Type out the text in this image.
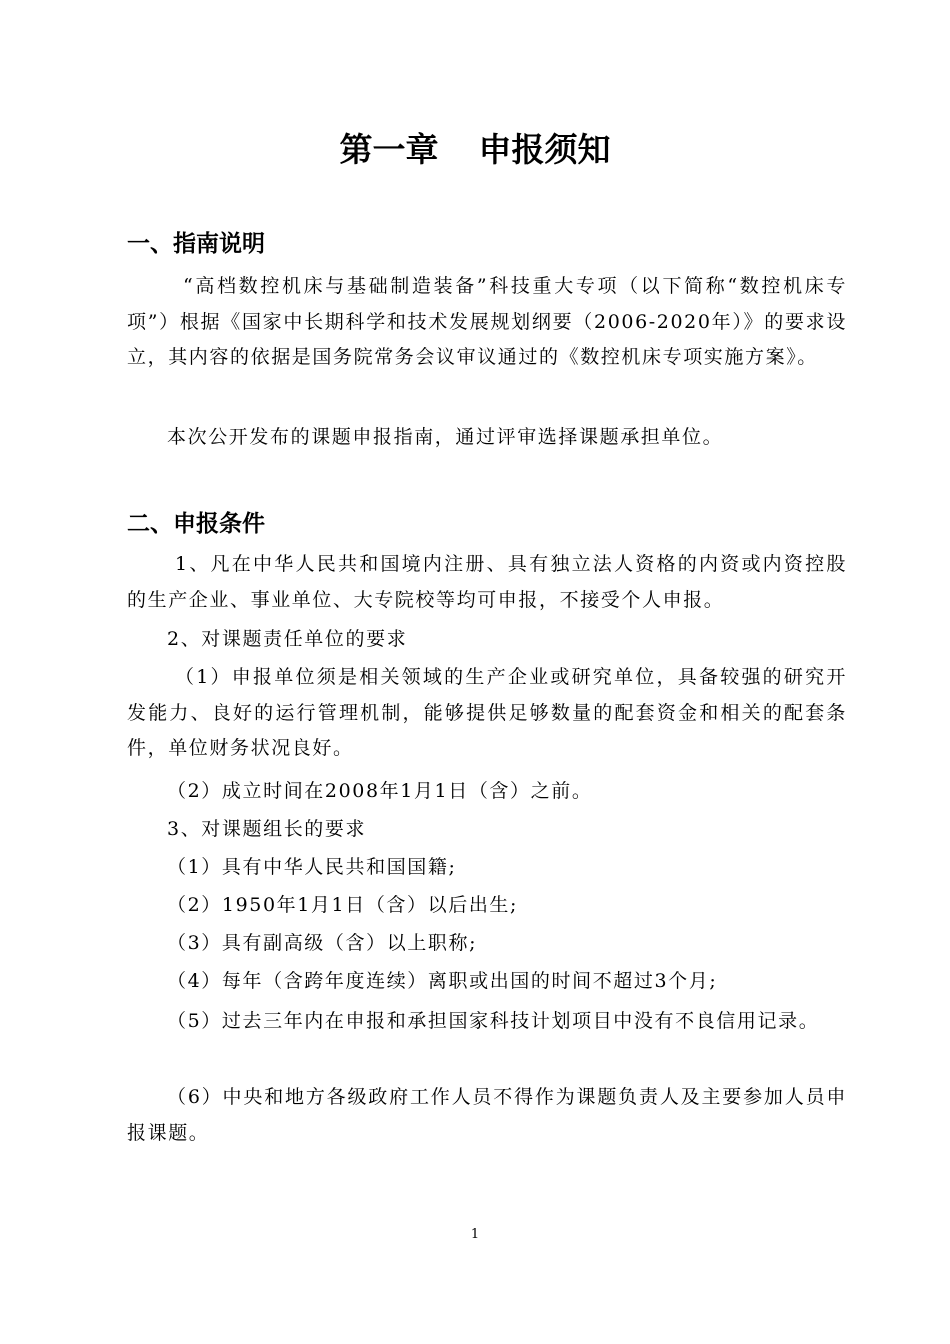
第一章 申报须知
一、指南说明

“高档数控机床与基础制造装备”科技重大专项（以下简称“数控机床专项”）根据《国家中长期科学和技术发展规划纲要（2006-2020年）》的要求设立，其内容的依据是国务院常务会议审议通过的《数控机床专项实施方案》。

本次公开发布的课题申报指南，通过评审选择课题承担单位。

二、申报条件

1、凡在中华人民共和国境内注册、具有独立法人资格的内资或内资控股的生产企业、事业单位、大专院校等均可申报，不接受个人申报。

2、对课题责任单位的要求

（1）申报单位须是相关领域的生产企业或研究单位，具备较强的研究开发能力、良好的运行管理机制，能够提供足够数量的配套资金和相关的配套条件，单位财务状况良好。

（2）成立时间在2008年1月1日（含）之前。

3、对课题组长的要求

（1）具有中华人民共和国国籍;

（2）1950年1月1日（含）以后出生;

（3）具有副高级（含）以上职称;

（4）每年（含跨年度连续）离职或出国的时间不超过3个月;

（5）过去三年内在申报和承担国家科技计划项目中没有不良信用记录。

（6）中央和地方各级政府工作人员不得作为课题负责人及主要参加人员申报课题。

1
